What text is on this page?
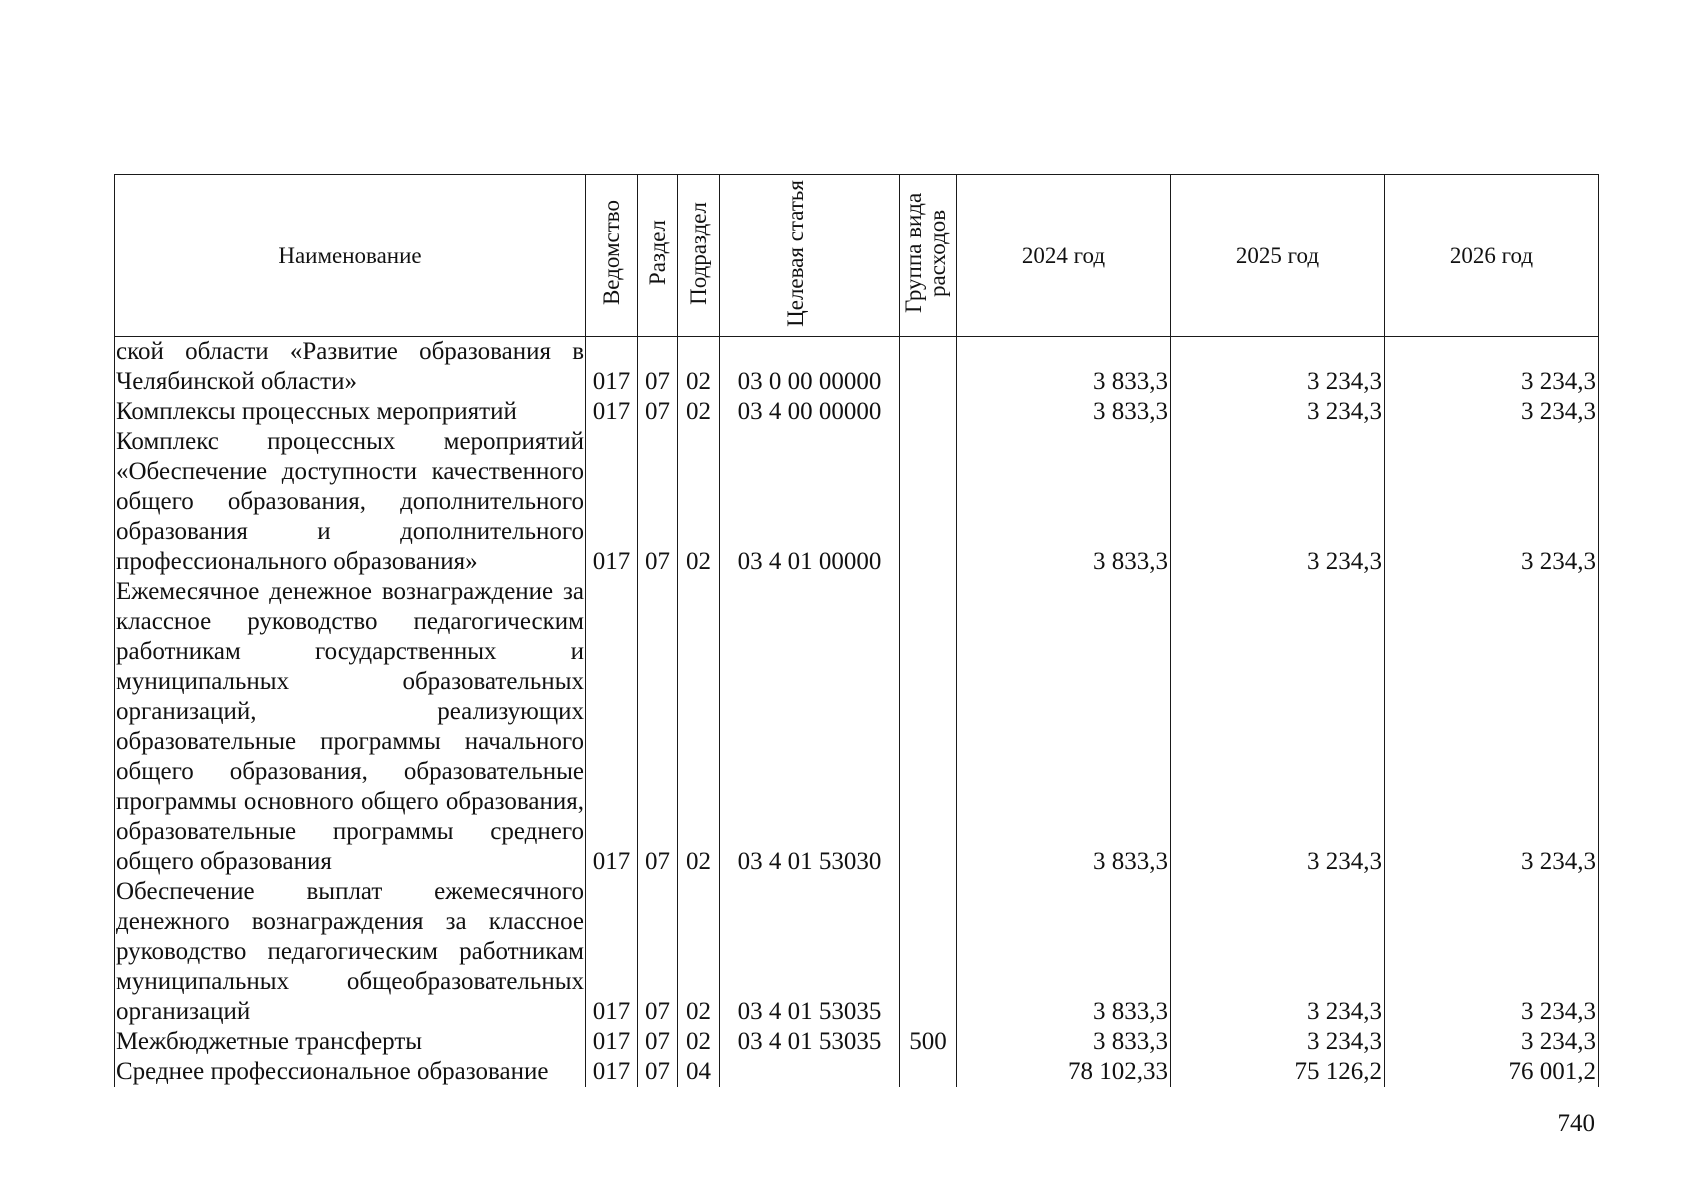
Наименование	Ведомство	Раздел	Подраздел	Целевая статья	Группа вида расходов	2024 год	2025 год	2026 год
ской области «Развитие образования в Челябинской области»	017	07	02	03 0 00 00000		3 833,3	3 234,3	3 234,3
Комплексы процессных мероприятий	017	07	02	03 4 00 00000		3 833,3	3 234,3	3 234,3
Комплекс процессных мероприятий «Обеспечение доступности качественного общего образования, дополнительного образования и дополнительного профессионального образования»	017	07	02	03 4 01 00000		3 833,3	3 234,3	3 234,3
Ежемесячное денежное вознаграждение за классное руководство педагогическим работникам государственных и муниципальных образовательных организаций, реализующих образовательные программы начального общего образования, образовательные программы основного общего образования, образовательные программы среднего общего образования	017	07	02	03 4 01 53030		3 833,3	3 234,3	3 234,3
Обеспечение выплат ежемесячного денежного вознаграждения за классное руководство педагогическим работникам муниципальных общеобразовательных организаций	017	07	02	03 4 01 53035		3 833,3	3 234,3	3 234,3
Межбюджетные трансферты	017	07	02	03 4 01 53035	500	3 833,3	3 234,3	3 234,3
Среднее профессиональное образование	017	07	04			78 102,33	75 126,2	76 001,2
740
